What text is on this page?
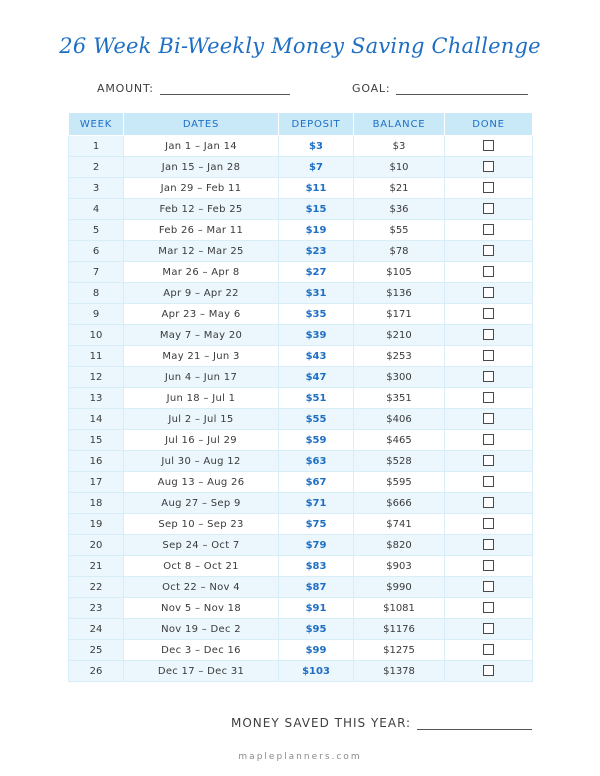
26 Week Bi-Weekly Money Saving Challenge
AMOUNT:	GOAL:
WEEK	DATES	DEPOSIT	BALANCE	DONE
1	Jan 1 – Jan 14	$3	$3	
2	Jan 15 – Jan 28	$7	$10	
3	Jan 29 – Feb 11	$11	$21	
4	Feb 12 – Feb 25	$15	$36	
5	Feb 26 – Mar 11	$19	$55	
6	Mar 12 – Mar 25	$23	$78	
7	Mar 26 – Apr 8	$27	$105	
8	Apr 9 – Apr 22	$31	$136	
9	Apr 23 – May 6	$35	$171	
10	May 7 – May 20	$39	$210	
11	May 21 – Jun 3	$43	$253	
12	Jun 4 – Jun 17	$47	$300	
13	Jun 18 – Jul 1	$51	$351	
14	Jul 2 – Jul 15	$55	$406	
15	Jul 16 – Jul 29	$59	$465	
16	Jul 30 – Aug 12	$63	$528	
17	Aug 13 – Aug 26	$67	$595	
18	Aug 27 – Sep 9	$71	$666	
19	Sep 10 – Sep 23	$75	$741	
20	Sep 24 – Oct 7	$79	$820	
21	Oct 8 – Oct 21	$83	$903	
22	Oct 22 – Nov 4	$87	$990	
23	Nov 5 – Nov 18	$91	$1081	
24	Nov 19 – Dec 2	$95	$1176	
25	Dec 3 – Dec 16	$99	$1275	
26	Dec 17 – Dec 31	$103	$1378	
MONEY SAVED THIS YEAR:
mapleplanners.com
